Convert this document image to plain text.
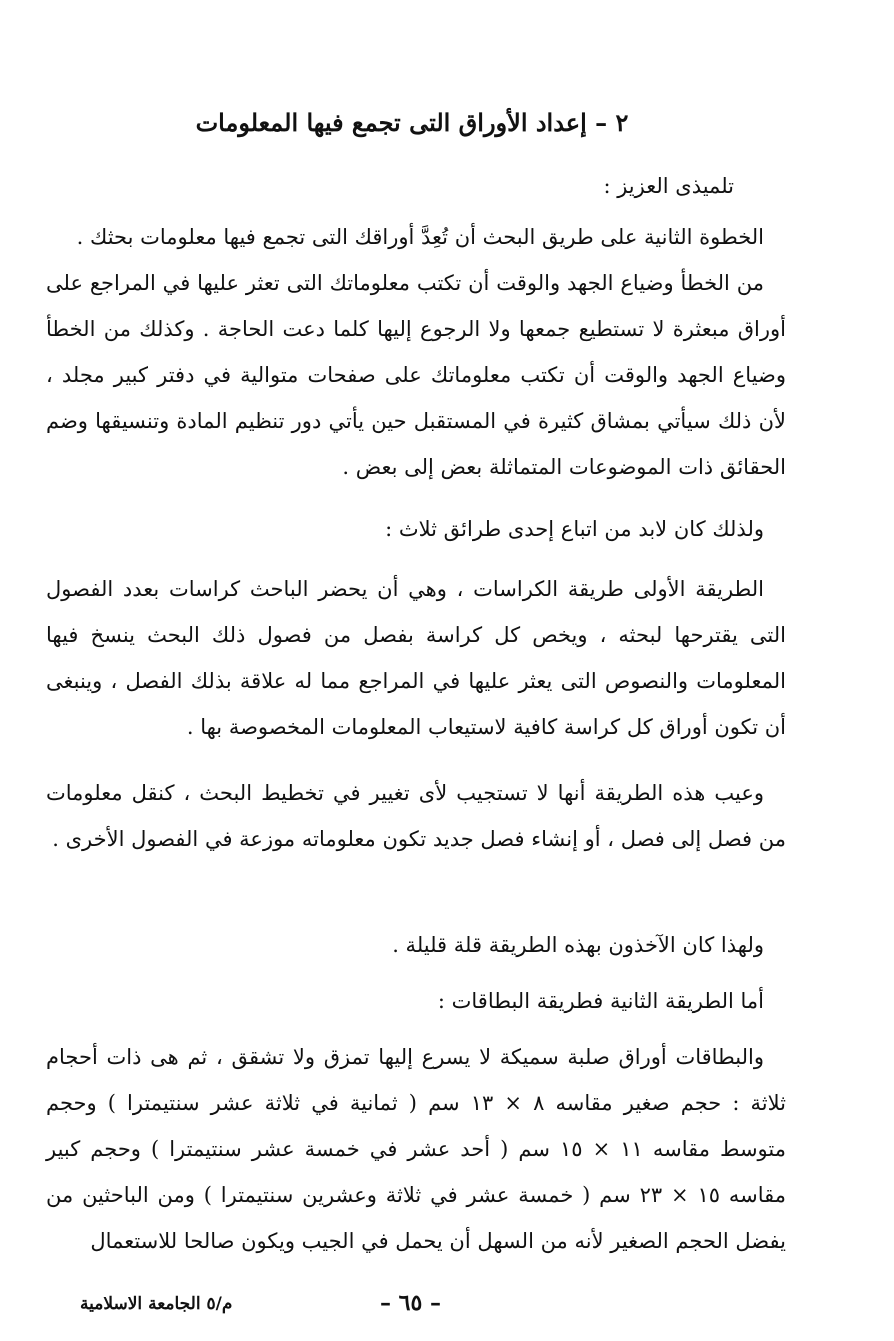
٢ – إعداد الأوراق التى تجمع فيها المعلومات
تلميذى العزيز :

الخطوة الثانية على طريق البحث أن تُعِدَّ أوراقك التى تجمع فيها معلومات بحثك .

من الخطأ وضياع الجهد والوقت أن تكتب معلوماتك التى تعثر عليها في المراجع على أوراق مبعثرة لا تستطيع جمعها ولا الرجوع إليها كلما دعت الحاجة . وكذلك من الخطأ وضياع الجهد والوقت أن تكتب معلوماتك على صفحات متوالية في دفتر كبير مجلد ، لأن ذلك سيأتي بمشاق كثيرة في المستقبل حين يأتي دور تنظيم المادة وتنسيقها وضم الحقائق ذات الموضوعات المتماثلة بعض إلى بعض .

ولذلك كان لابد من اتباع إحدى طرائق ثلاث :

الطريقة الأولى طريقة الكراسات ، وهي أن يحضر الباحث كراسات بعدد الفصول التى يقترحها لبحثه ، ويخص كل كراسة بفصل من فصول ذلك البحث ينسخ فيها المعلومات والنصوص التى يعثر عليها في المراجع مما له علاقة بذلك الفصل ، وينبغى أن تكون أوراق كل كراسة كافية لاستيعاب المعلومات المخصوصة بها .

وعيب هذه الطريقة أنها لا تستجيب لأى تغيير في تخطيط البحث ، كنقل معلومات من فصل إلى فصل ، أو إنشاء فصل جديد تكون معلوماته موزعة في الفصول الأخرى .

ولهذا كان الآخذون بهذه الطريقة قلة قليلة .

أما الطريقة الثانية فطريقة البطاقات :

والبطاقات أوراق صلبة سميكة لا يسرع إليها تمزق ولا تشقق ، ثم هى ذات أحجام ثلاثة : حجم صغير مقاسه ٨ × ١٣ سم ( ثمانية في ثلاثة عشر سنتيمترا ) وحجم متوسط مقاسه ١١ × ١٥ سم ( أحد عشر في خمسة عشر سنتيمترا ) وحجم كبير مقاسه ١٥ × ٢٣ سم ( خمسة عشر في ثلاثة وعشرين سنتيمترا ) ومن الباحثين من يفضل الحجم الصغير لأنه من السهل أن يحمل في الجيب ويكون صالحا للاستعمال

م/٥ الجامعة الاسلامية	– ٦٥ –
